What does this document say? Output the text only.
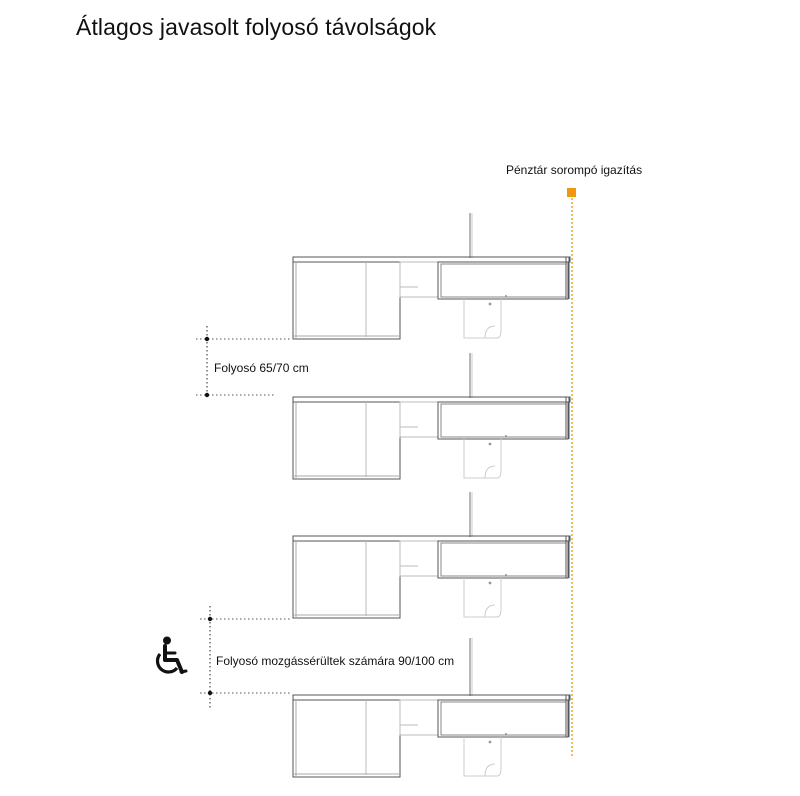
Átlagos javasolt folyosó távolságok
Pénztár sorompó igazítás
Folyosó 65/70 cm
Folyosó mozgássérültek számára 90/100 cm
